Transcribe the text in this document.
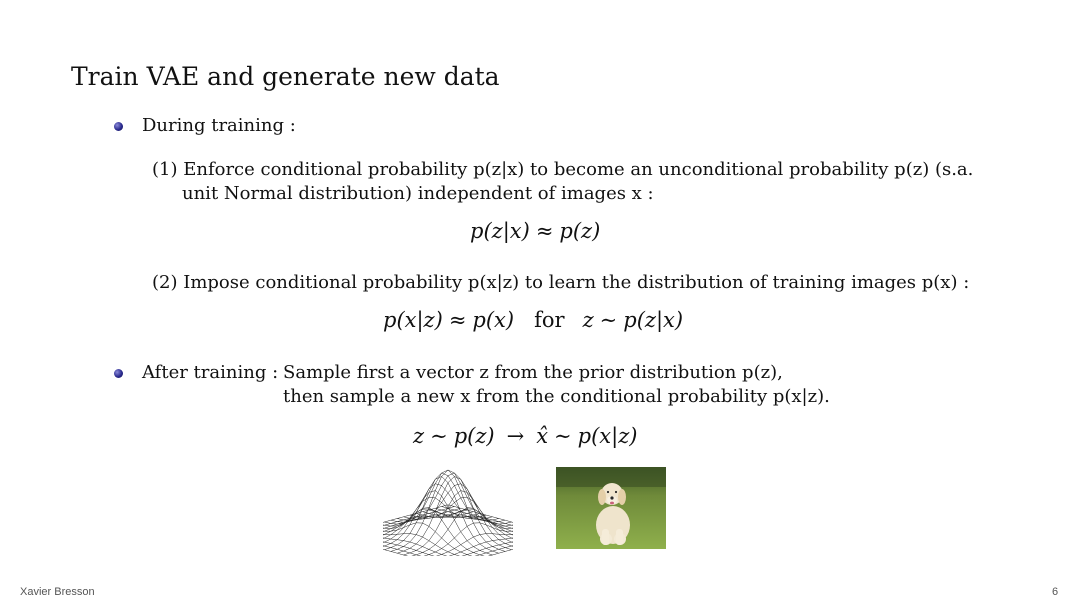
Train VAE and generate new data
During training :
(1) Enforce conditional probability p(z|x) to become an unconditional probability p(z) (s.a.
unit Normal distribution) independent of images x :
p(z|x) ≈ p(z)
(2) Impose conditional probability p(x|z) to learn the distribution of training images p(x) :
p(x|z) ≈ p(x) for z ∼ p(z|x)
After training : Sample first a vector z from the prior distribution p(z),
then sample a new x from the conditional probability p(x|z).
z ∼ p(z) → x̂ ∼ p(x|z)
Xavier Bresson	6
